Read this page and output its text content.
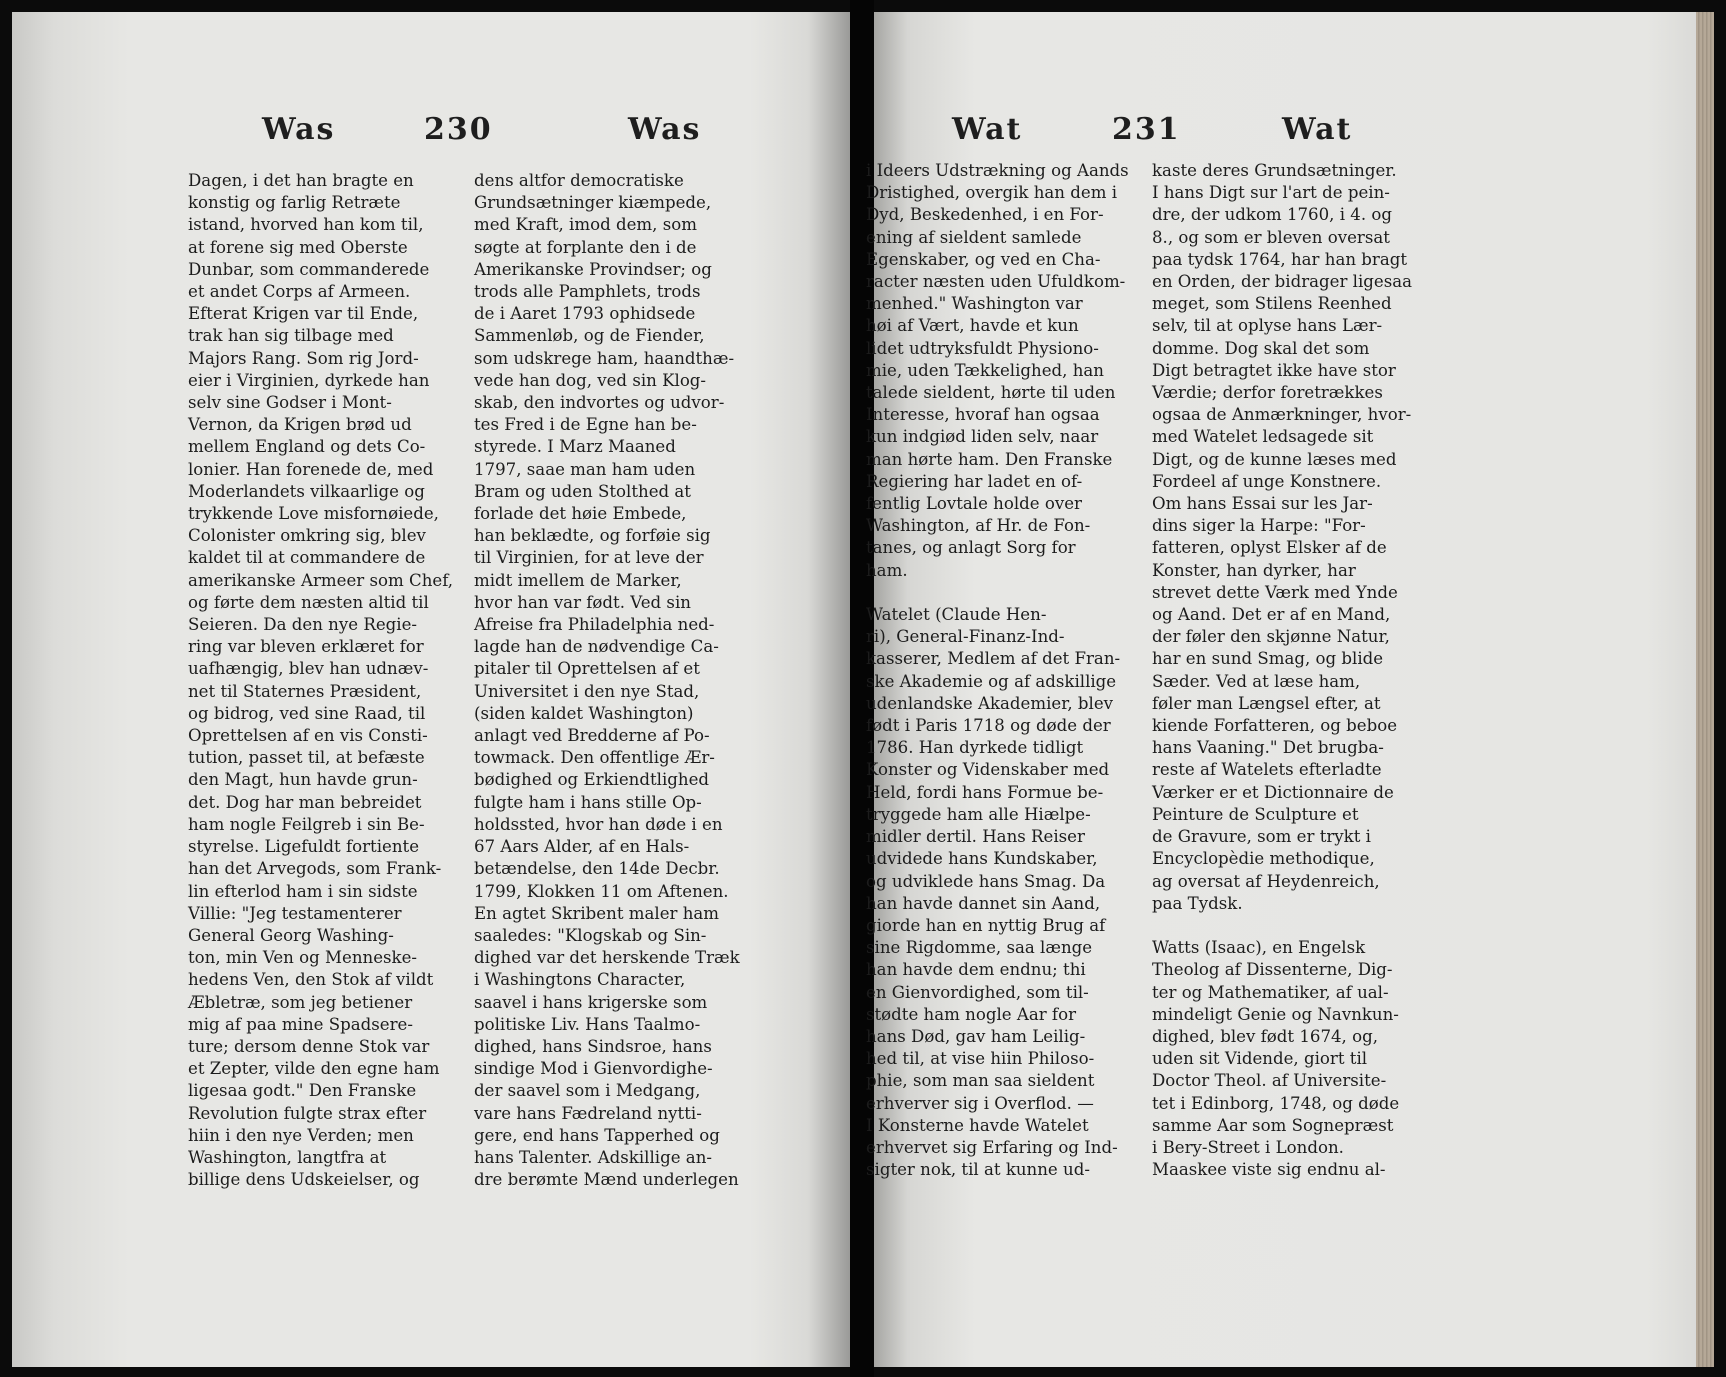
Was	230	Was
Dagen, i det han bragte en
konstig og farlig Retræte
istand, hvorved han kom til,
at forene sig med Oberste
Dunbar, som commanderede
et andet Corps af Armeen.
Efterat Krigen var til Ende,
trak han sig tilbage med
Majors Rang. Som rig Jord-
eier i Virginien, dyrkede han
selv sine Godser i Mont-
Vernon, da Krigen brød ud
mellem England og dets Co-
lonier. Han forenede de, med
Moderlandets vilkaarlige og
trykkende Love misfornøiede,
Colonister omkring sig, blev
kaldet til at commandere de
amerikanske Armeer som Chef,
og førte dem næsten altid til
Seieren. Da den nye Regie-
ring var bleven erklæret for
uafhængig, blev han udnæv-
net til Staternes Præsident,
og bidrog, ved sine Raad, til
Oprettelsen af en vis Consti-
tution, passet til, at befæste
den Magt, hun havde grun-
det. Dog har man bebreidet
ham nogle Feilgreb i sin Be-
styrelse. Ligefuldt fortiente
han det Arvegods, som Frank-
lin efterlod ham i sin sidste
Villie: "Jeg testamenterer
General Georg Washing-
ton, min Ven og Menneske-
hedens Ven, den Stok af vildt
Æbletræ, som jeg betiener
mig af paa mine Spadsere-
ture; dersom denne Stok var
et Zepter, vilde den egne ham
ligesaa godt." Den Franske
Revolution fulgte strax efter
hiin i den nye Verden; men
Washington, langtfra at
billige dens Udskeielser, og
dens altfor democratiske
Grundsætninger kiæmpede,
med Kraft, imod dem, som
søgte at forplante den i de
Amerikanske Provindser; og
trods alle Pamphlets, trods
de i Aaret 1793 ophidsede
Sammenløb, og de Fiender,
som udskrege ham, haandthæ-
vede han dog, ved sin Klog-
skab, den indvortes og udvor-
tes Fred i de Egne han be-
styrede. I Marz Maaned
1797, saae man ham uden
Bram og uden Stolthed at
forlade det høie Embede,
han beklædte, og forføie sig
til Virginien, for at leve der
midt imellem de Marker,
hvor han var født. Ved sin
Afreise fra Philadelphia ned-
lagde han de nødvendige Ca-
pitaler til Oprettelsen af et
Universitet i den nye Stad,
(siden kaldet Washington)
anlagt ved Bredderne af Po-
towmack. Den offentlige Ær-
bødighed og Erkiendtlighed
fulgte ham i hans stille Op-
holdssted, hvor han døde i en
67 Aars Alder, af en Hals-
betændelse, den 14de Decbr.
1799, Klokken 11 om Aftenen.
En agtet Skribent maler ham
saaledes: "Klogskab og Sin-
dighed var det herskende Træk
i Washingtons Character,
saavel i hans krigerske som
politiske Liv. Hans Taalmo-
dighed, hans Sindsroe, hans
sindige Mod i Gienvordighe-
der saavel som i Medgang,
vare hans Fædreland nytti-
gere, end hans Tapperhed og
hans Talenter. Adskillige an-
dre berømte Mænd underlegen
Wat	231	Wat
i Ideers Udstrækning og Aands
Dristighed, overgik han dem i
Dyd, Beskedenhed, i en For-
ening af sieldent samlede
Egenskaber, og ved en Cha-
racter næsten uden Ufuldkom-
menhed." Washington var
høi af Vært, havde et kun
lidet udtryksfuldt Physiono-
mie, uden Tækkelighed, han
talede sieldent, hørte til uden
Interesse, hvoraf han ogsaa
kun indgiød liden selv, naar
man hørte ham. Den Franske
Regiering har ladet en of-
fentlig Lovtale holde over
Washington, af Hr. de Fon-
tanes, og anlagt Sorg for
ham.

Watelet (Claude Hen-
ri), General-Finanz-Ind-
kasserer, Medlem af det Fran-
ske Akademie og af adskillige
udenlandske Akademier, blev
født i Paris 1718 og døde der
1786. Han dyrkede tidligt
Konster og Videnskaber med
Held, fordi hans Formue be-
tryggede ham alle Hiælpe-
midler dertil. Hans Reiser
udvidede hans Kundskaber,
og udviklede hans Smag. Da
han havde dannet sin Aand,
giorde han en nyttig Brug af
sine Rigdomme, saa længe
han havde dem endnu; thi
en Gienvordighed, som til-
stødte ham nogle Aar for
hans Død, gav ham Leilig-
hed til, at vise hiin Philoso-
phie, som man saa sieldent
erhverver sig i Overflod. —
I Konsterne havde Watelet
erhvervet sig Erfaring og Ind-
sigter nok, til at kunne ud-
kaste deres Grundsætninger.
I hans Digt sur l'art de pein-
dre, der udkom 1760, i 4. og
8., og som er bleven oversat
paa tydsk 1764, har han bragt
en Orden, der bidrager ligesaa
meget, som Stilens Reenhed
selv, til at oplyse hans Lær-
domme. Dog skal det som
Digt betragtet ikke have stor
Værdie; derfor foretrækkes
ogsaa de Anmærkninger, hvor-
med Watelet ledsagede sit
Digt, og de kunne læses med
Fordeel af unge Konstnere.
Om hans Essai sur les Jar-
dins siger la Harpe: "For-
fatteren, oplyst Elsker af de
Konster, han dyrker, har
strevet dette Værk med Ynde
og Aand. Det er af en Mand,
der føler den skjønne Natur,
har en sund Smag, og blide
Sæder. Ved at læse ham,
føler man Længsel efter, at
kiende Forfatteren, og beboe
hans Vaaning." Det brugba-
reste af Watelets efterladte
Værker er et Dictionnaire de
Peinture de Sculpture et
de Gravure, som er trykt i
Encyclopèdie methodique,
ag oversat af Heydenreich,
paa Tydsk.

Watts (Isaac), en Engelsk
Theolog af Dissenterne, Dig-
ter og Mathematiker, af ual-
mindeligt Genie og Navnkun-
dighed, blev født 1674, og,
uden sit Vidende, giort til
Doctor Theol. af Universite-
tet i Edinborg, 1748, og døde
samme Aar som Sognepræst
i Bery-Street i London.
Maaskee viste sig endnu al-
